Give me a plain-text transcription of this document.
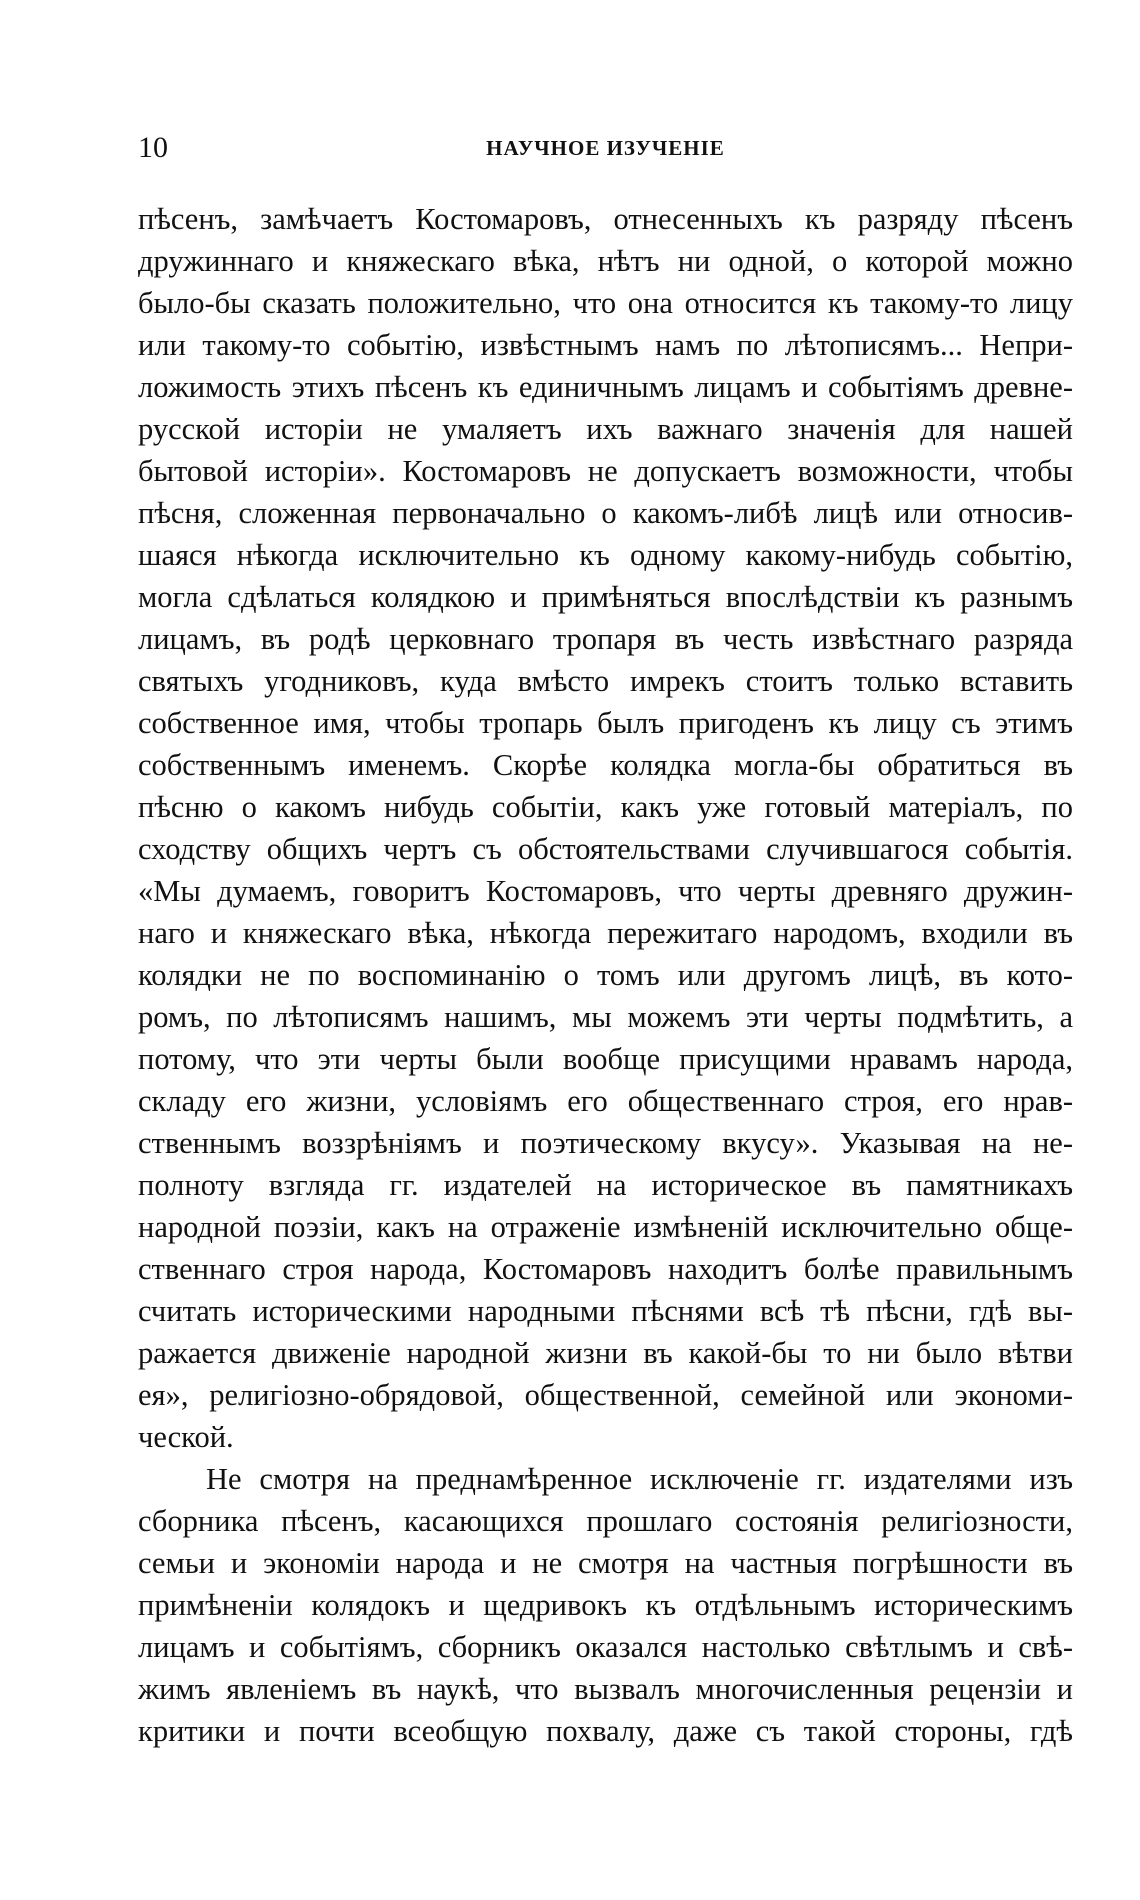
10	НАУЧНОЕ ИЗУЧЕНІЕ
пѣсенъ, замѣчаетъ Костомаровъ, отнесенныхъ къ разряду пѣсенъ
дружиннаго и княжескаго вѣка, нѣтъ ни одной, о которой можно
было-бы сказать положительно, что она относится къ такому-то лицу
или такому-то событію, извѣстнымъ намъ по лѣтописямъ... Непри-
ложимость этихъ пѣсенъ къ единичнымъ лицамъ и событіямъ древне-
русской исторіи не умаляетъ ихъ важнаго значенія для нашей
бытовой исторіи». Костомаровъ не допускаетъ возможности, чтобы
пѣсня, сложенная первоначально о какомъ-либѣ лицѣ или относив-
шаяся нѣкогда исключительно къ одному какому-нибудь событію,
могла сдѣлаться колядкою и примѣняться впослѣдствіи къ разнымъ
лицамъ, въ родѣ церковнаго тропаря въ честь извѣстнаго разряда
святыхъ угодниковъ, куда вмѣсто имрекъ стоитъ только вставить
собственное имя, чтобы тропарь былъ пригоденъ къ лицу съ этимъ
собственнымъ именемъ. Скорѣе колядка могла-бы обратиться въ
пѣсню о какомъ нибудь событіи, какъ уже готовый матеріалъ, по
сходству общихъ чертъ съ обстоятельствами случившагося событія.
«Мы думаемъ, говоритъ Костомаровъ, что черты древняго дружин-
наго и княжескаго вѣка, нѣкогда пережитаго народомъ, входили въ
колядки не по воспоминанію о томъ или другомъ лицѣ, въ кото-
ромъ, по лѣтописямъ нашимъ, мы можемъ эти черты подмѣтить, а
потому, что эти черты были вообще присущими нравамъ народа,
складу его жизни, условіямъ его общественнаго строя, его нрав-
ственнымъ воззрѣніямъ и поэтическому вкусу». Указывая на не-
полноту взгляда гг. издателей на историческое въ памятникахъ
народной поэзіи, какъ на отраженіе измѣненій исключительно обще-
ственнаго строя народа, Костомаровъ находитъ болѣе правильнымъ
считать историческими народными пѣснями всѣ тѣ пѣсни, гдѣ вы-
ражается движеніе народной жизни въ какой-бы то ни было вѣтви
ея», религіозно-обрядовой, общественной, семейной или экономи-
ческой.
Не смотря на преднамѣренное исключеніе гг. издателями изъ
сборника пѣсенъ, касающихся прошлаго состоянія религіозности,
семьи и экономіи народа и не смотря на частныя погрѣшности въ
примѣненіи колядокъ и щедривокъ къ отдѣльнымъ историческимъ
лицамъ и событіямъ, сборникъ оказался настолько свѣтлымъ и свѣ-
жимъ явленіемъ въ наукѣ, что вызвалъ многочисленныя рецензіи и
критики и почти всеобщую похвалу, даже съ такой стороны, гдѣ
